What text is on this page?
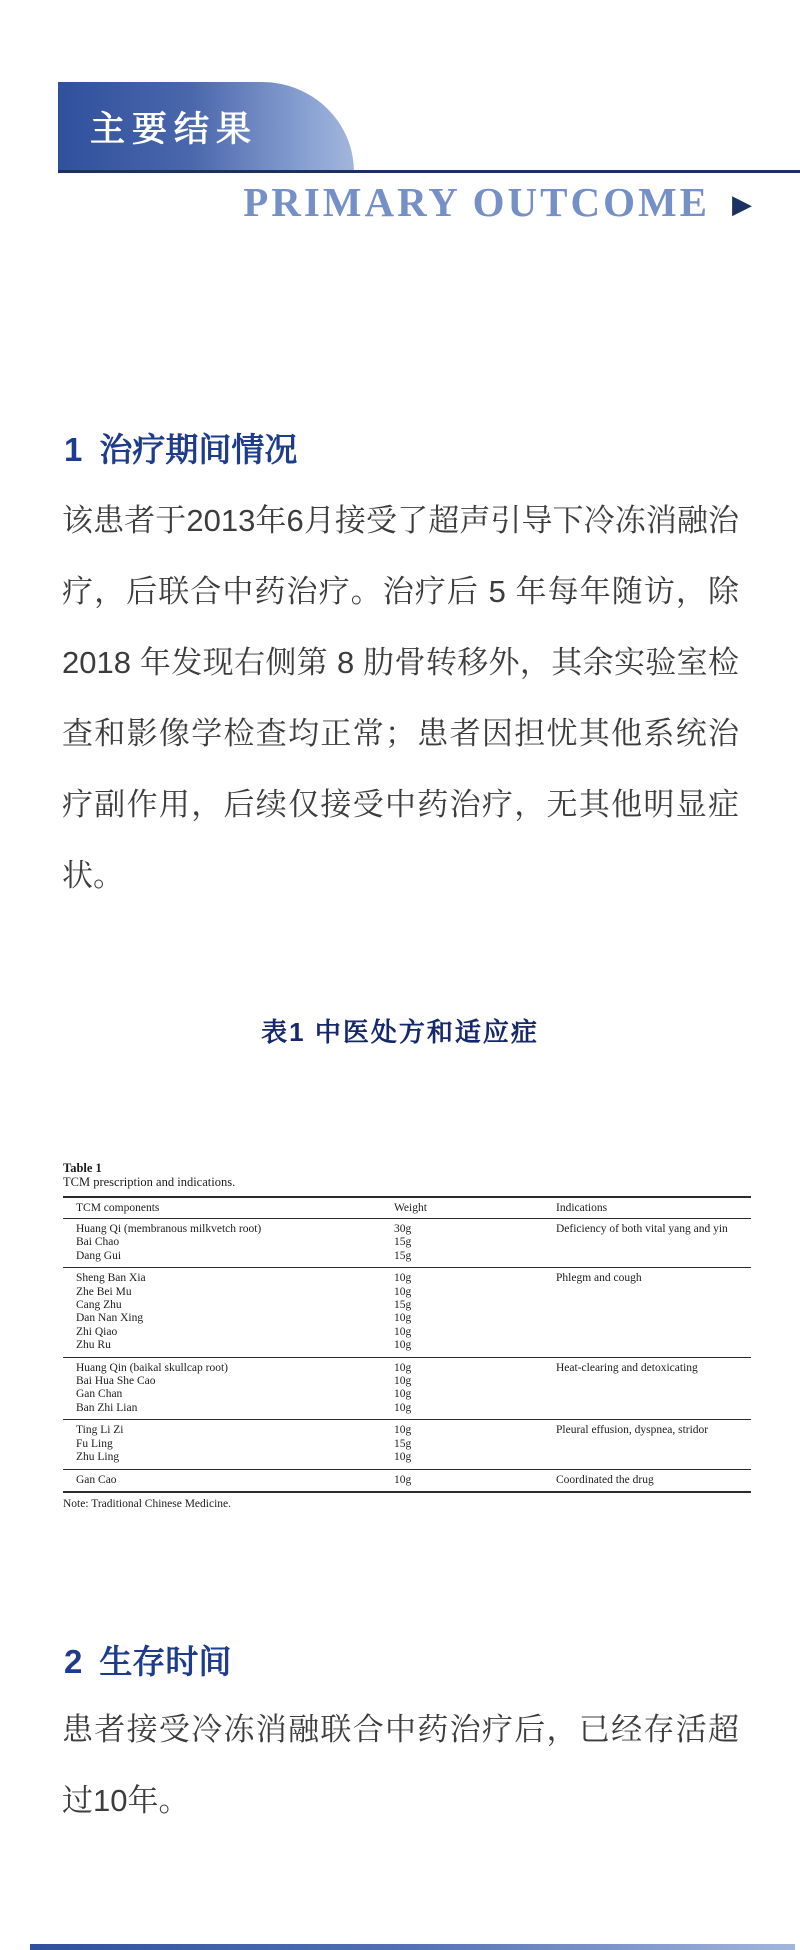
主要结果
PRIMARY OUTCOME ▶
1 治疗期间情况
该患者于2013年6月接受了超声引导下冷冻消融治疗，后联合中药治疗。治疗后 5 年每年随访，除 2018 年发现右侧第 8 肋骨转移外，其余实验室检查和影像学检查均正常；患者因担忧其他系统治疗副作用，后续仅接受中药治疗，无其他明显症状。
表1 中医处方和适应症
Table 1
TCM prescription and indications.
TCM components	Weight	Indications
Huang Qi (membranous milkvetch root)	30g	Deficiency of both vital yang and yin
Bai Chao	15g	
Dang Gui	15g	
Sheng Ban Xia	10g	Phlegm and cough
Zhe Bei Mu	10g	
Cang Zhu	15g	
Dan Nan Xing	10g	
Zhi Qiao	10g	
Zhu Ru	10g	
Huang Qin (baikal skullcap root)	10g	Heat-clearing and detoxicating
Bai Hua She Cao	10g	
Gan Chan	10g	
Ban Zhi Lian	10g	
Ting Li Zi	10g	Pleural effusion, dyspnea, stridor
Fu Ling	15g	
Zhu Ling	10g	
Gan Cao	10g	Coordinated the drug
Note: Traditional Chinese Medicine.
2 生存时间
患者接受冷冻消融联合中药治疗后，已经存活超过10年。
